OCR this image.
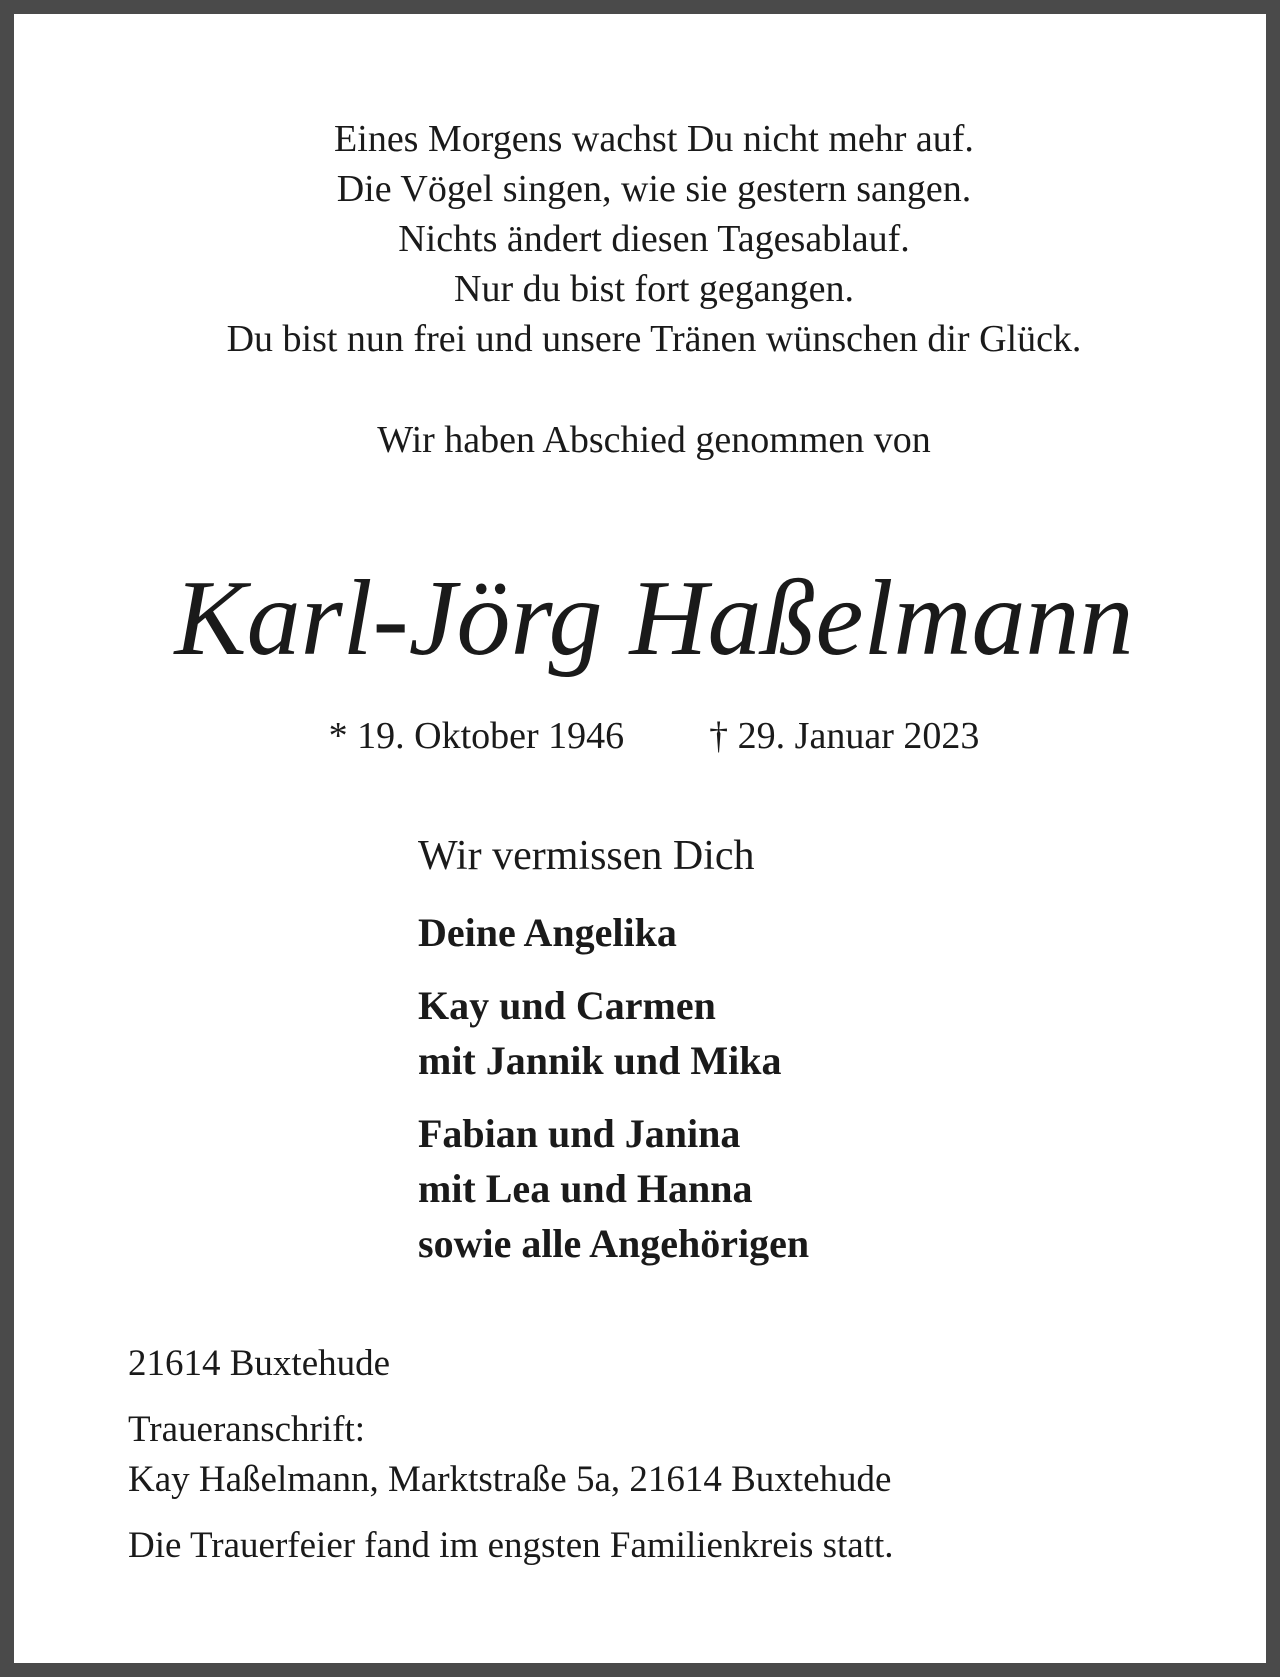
Eines Morgens wachst Du nicht mehr auf.
Die Vögel singen, wie sie gestern sangen.
Nichts ändert diesen Tagesablauf.
Nur du bist fort gegangen.
Du bist nun frei und unsere Tränen wünschen dir Glück.
Wir haben Abschied genommen von
Karl-Jörg Haßelmann
* 19. Oktober 1946 † 29. Januar 2023
Wir vermissen Dich
Deine Angelika
Kay und Carmen
mit Jannik und Mika
Fabian und Janina
mit Lea und Hanna
sowie alle Angehörigen
21614 Buxtehude
Traueranschrift:
Kay Haßelmann, Marktstraße 5a, 21614 Buxtehude
Die Trauerfeier fand im engsten Familienkreis statt.
